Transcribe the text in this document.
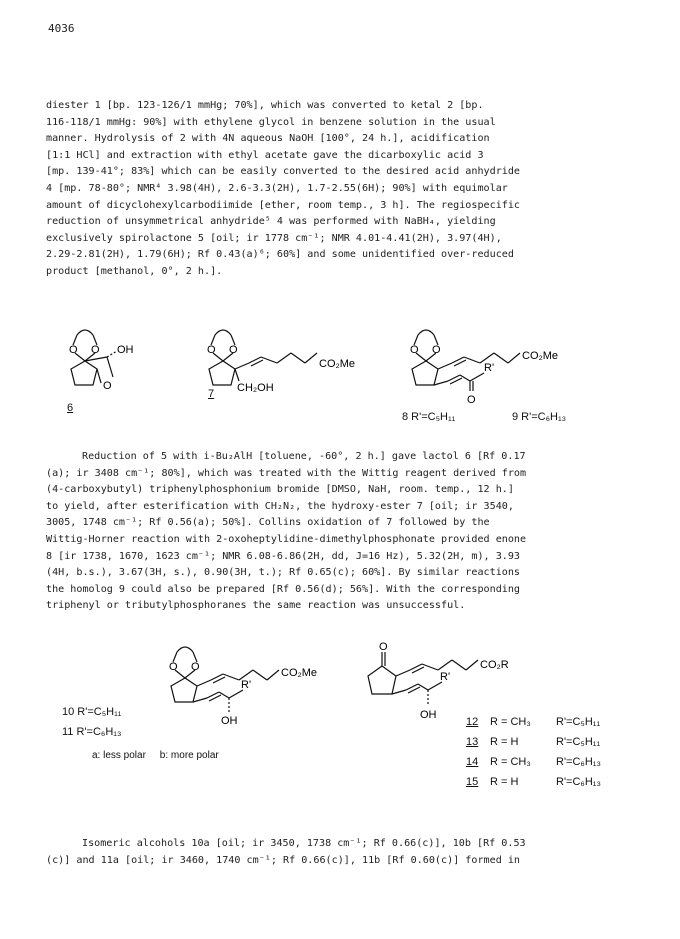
4036
diester 1 [bp. 123-126/1 mmHg; 70%], which was converted to ketal 2 [bp.
116-118/1 mmHg: 90%] with ethylene glycol in benzene solution in the usual
manner. Hydrolysis of 2 with 4N aqueous NaOH [100°, 24 h.], acidification
[1:1 HCl] and extraction with ethyl acetate gave the dicarboxylic acid 3
[mp. 139-41°; 83%] which can be easily converted to the desired acid anhydride
4 [mp. 78-80°; NMR⁴ 3.98(4H), 2.6-3.3(2H), 1.7-2.55(6H); 90%] with equimolar
amount of dicyclohexylcarbodiimide [ether, room temp., 3 h]. The regiospecific
reduction of unsymmetrical anhydride⁵ 4 was performed with NaBH₄, yielding
exclusively spirolactone 5 [oil; ir 1778 cm⁻¹; NMR 4.01-4.41(2H), 3.97(4H),
2.29-2.81(2H), 1.79(6H); Rf 0.43(a)⁶; 60%] and some unidentified over-reduced
product [methanol, 0°, 2 h.].
O O
O
OH
6
O O
CO₂Me
CH₂OH
7
O O	CO₂Me
R'
O
8 R'=C₅H₁₁	9 R'=C₆H₁₃
Reduction of 5 with i-Bu₂AlH [toluene, -60°, 2 h.] gave lactol 6 [Rf 0.17
(a); ir 3408 cm⁻¹; 80%], which was treated with the Wittig reagent derived from
(4-carboxybutyl) triphenylphosphonium bromide [DMSO, NaH, room. temp., 12 h.]
to yield, after esterification with CH₂N₂, the hydroxy-ester 7 [oil; ir 3540,
3005, 1748 cm⁻¹; Rf 0.56(a); 50%]. Collins oxidation of 7 followed by the
Wittig-Horner reaction with 2-oxoheptylidine-dimethylphosphonate provided enone
8 [ir 1738, 1670, 1623 cm⁻¹; NMR 6.08-6.86(2H, dd, J=16 Hz), 5.32(2H, m), 3.93
(4H, b.s.), 3.67(3H, s.), 0.90(3H, t.); Rf 0.65(c); 60%]. By similar reactions
the homolog 9 could also be prepared [Rf 0.56(d); 56%]. With the corresponding
triphenyl or tributylphosphoranes the same reaction was unsuccessful.
O O	CO₂Me
R'
OH
10 R'=C₅H₁₁
11 R'=C₆H₁₃
a: less polar     b: more polar
O
CO₂R
R'
OH
12 R = CH₃ R'=C₅H₁₁
13 R = H	R'=C₅H₁₁
14 R = CH₃ R'=C₆H₁₃
15 R = H	R'=C₆H₁₃
Isomeric alcohols 10a [oil; ir 3450, 1738 cm⁻¹; Rf 0.66(c)], 10b [Rf 0.53
(c)] and 11a [oil; ir 3460, 1740 cm⁻¹; Rf 0.66(c)], 11b [Rf 0.60(c)] formed in
